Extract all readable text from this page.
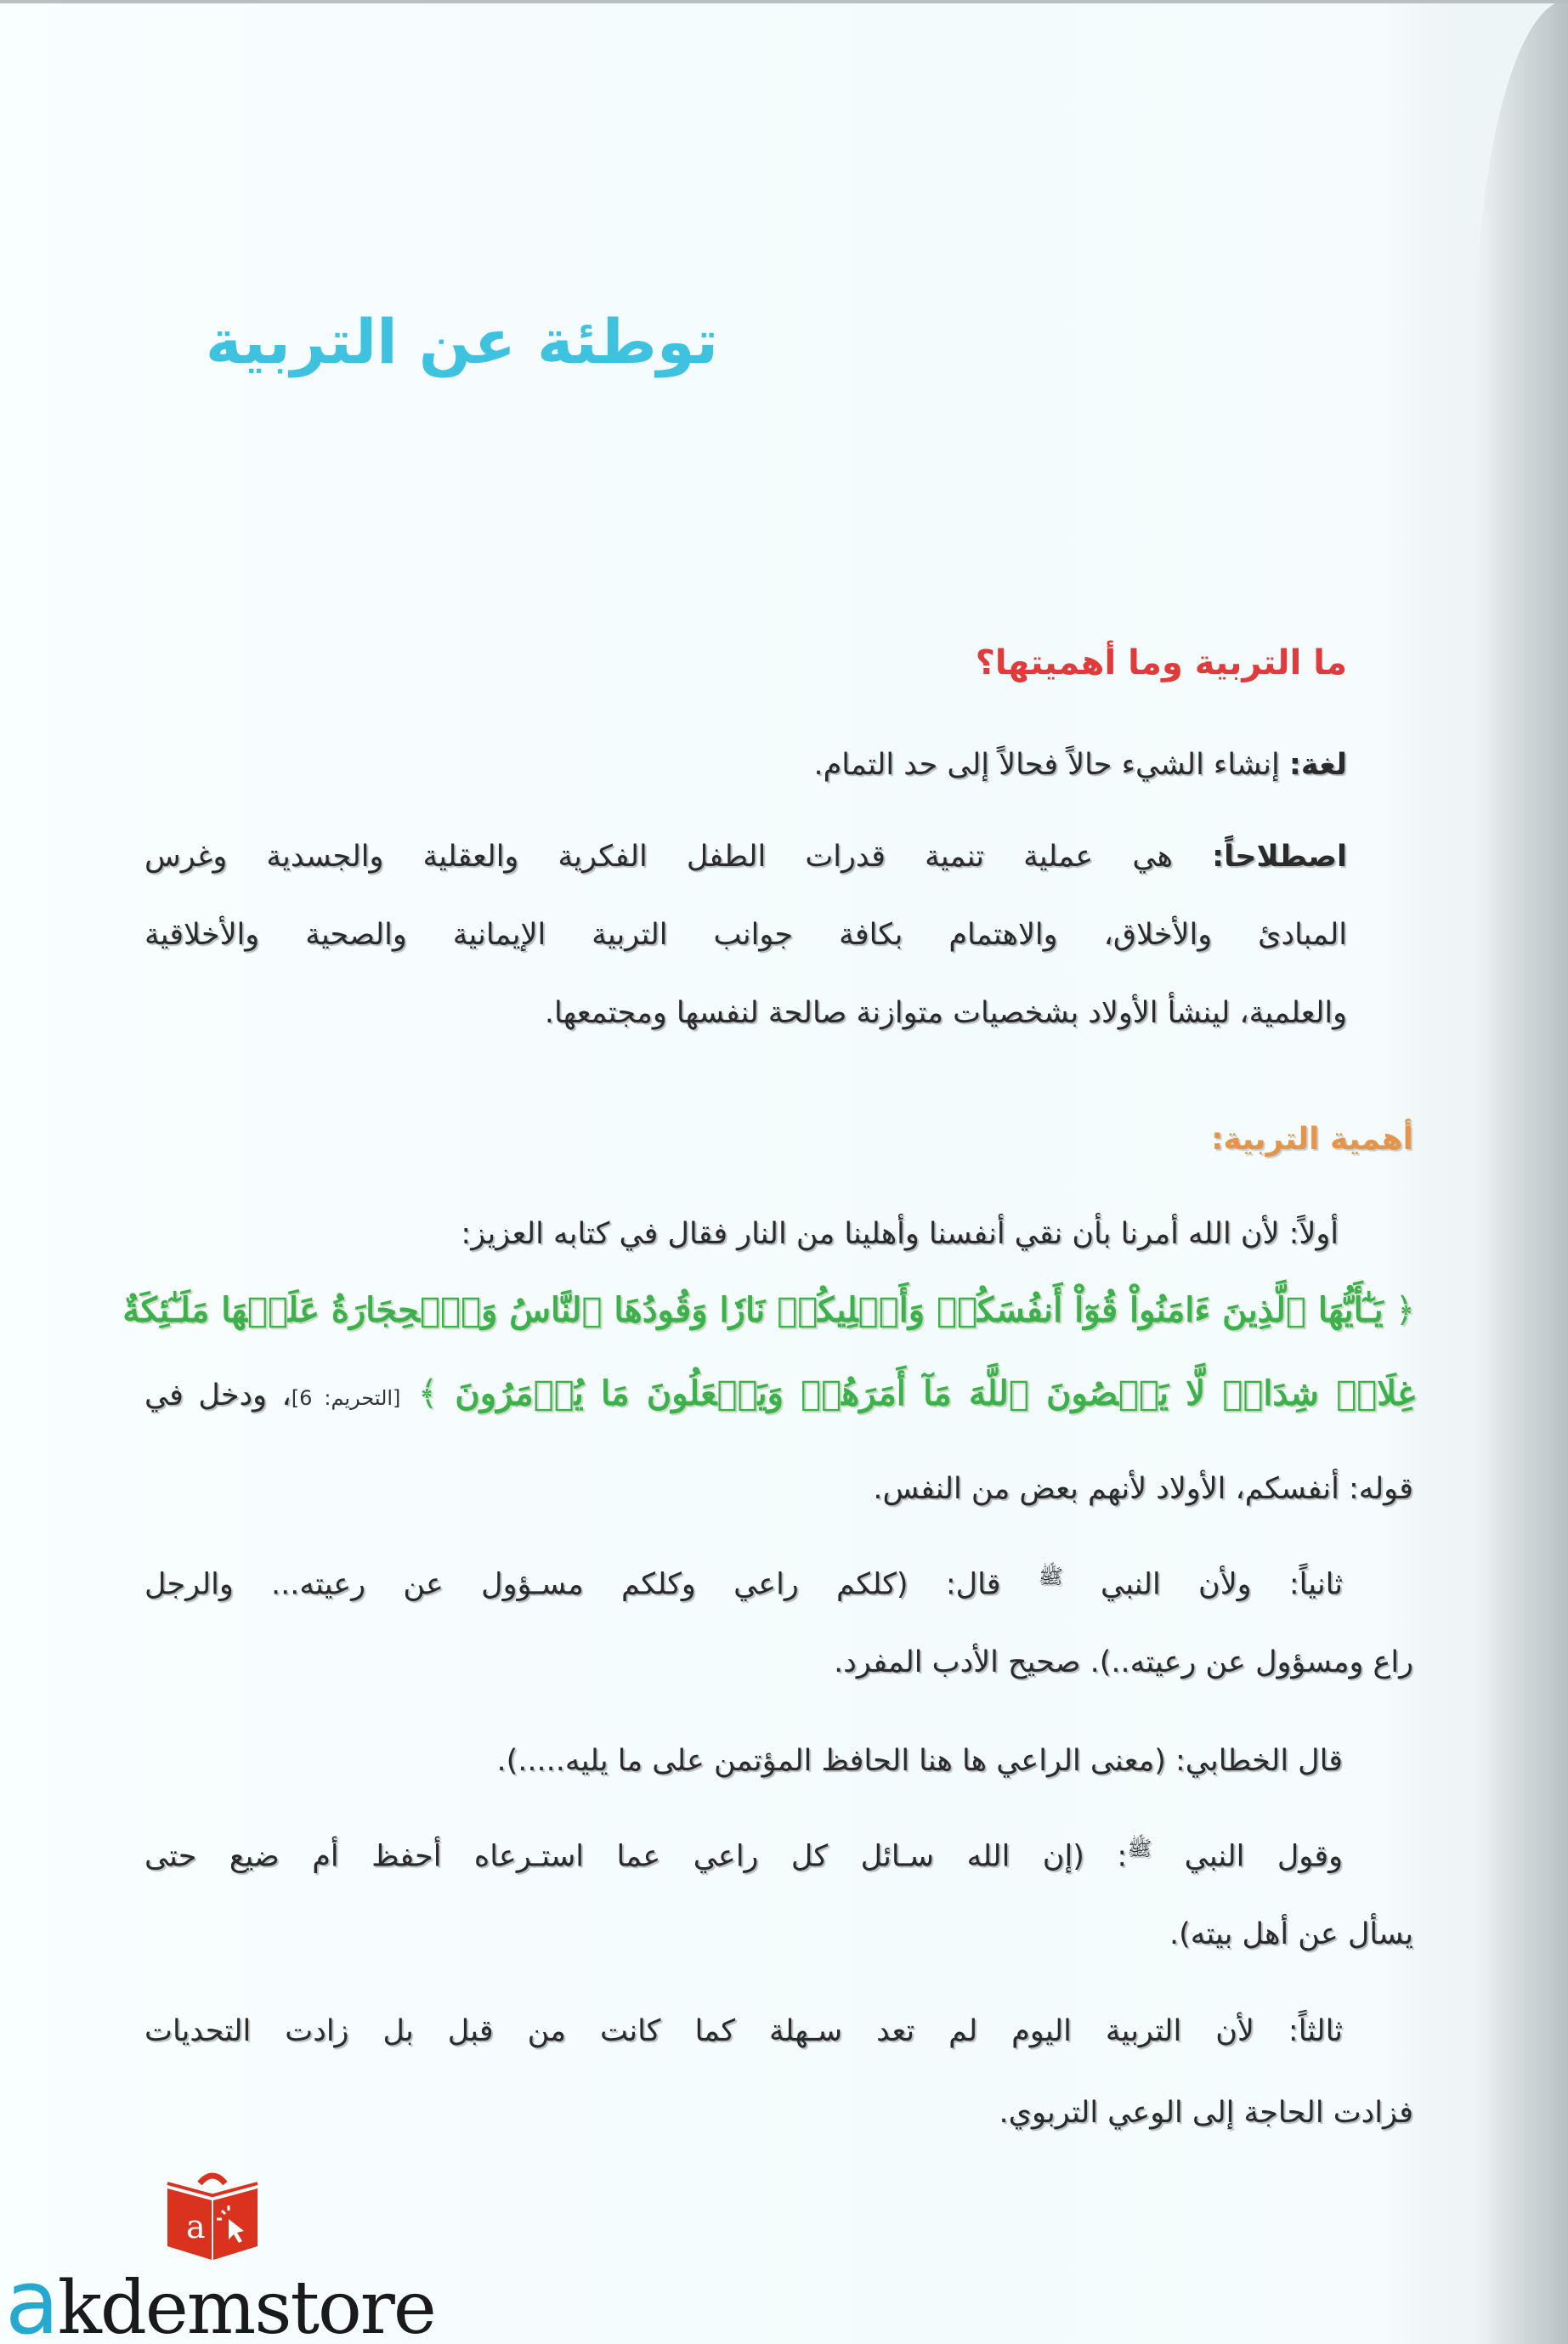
توطئة عن التربية
ما التربية وما أهميتها؟
لغة: إنشاء الشيء حالاً فحالاً إلى حد التمام.
اصطلاحاً: هي عملية تنمية قدرات الطفل الفكرية والعقلية والجسدية وغرس
المبادئ والأخلاق، والاهتمام بكافة جوانب التربية الإيمانية والصحية والأخلاقية
والعلمية، لينشأ الأولاد بشخصيات متوازنة صالحة لنفسها ومجتمعها.
أهمية التربية:
أولاً: لأن الله أمرنا بأن نقي أنفسنا وأهلينا من النار فقال في كتابه العزيز:
﴿ يَـٰٓأَيُّهَا ٱلَّذِينَ ءَامَنُواْ قُوٓاْ أَنفُسَكُمۡ وَأَهۡلِيكُمۡ نَارٗا وَقُودُهَا ٱلنَّاسُ وَٱلۡحِجَارَةُ عَلَيۡهَا مَلَـٰٓئِكَةٌ
غِلَاظٞ شِدَادٞ لَّا يَعۡصُونَ ٱللَّهَ مَآ أَمَرَهُمۡ وَيَفۡعَلُونَ مَا يُؤۡمَرُونَ ﴾ [التحريم: 6]، ودخل في
قوله: أنفسكم، الأولاد لأنهم بعض من النفس.
ثانياً: ولأن النبي ﷺ قال: (كلكم راعي وكلكم مسـؤول عن رعيته... والرجل
راع ومسؤول عن رعيته..). صحيح الأدب المفرد.
قال الخطابي: (معنى الراعي ها هنا الحافظ المؤتمن على ما يليه.....).
وقول النبي ﷺ: (إن الله سـائل كل راعي عما استـرعاه أحفظ أم ضيع حتى
يسأل عن أهل بيته).
ثالثاً: لأن التربية اليوم لم تعد سـهلة كما كانت من قبل بل زادت التحديات
فزادت الحاجة إلى الوعي التربوي.
a
akdemstore
